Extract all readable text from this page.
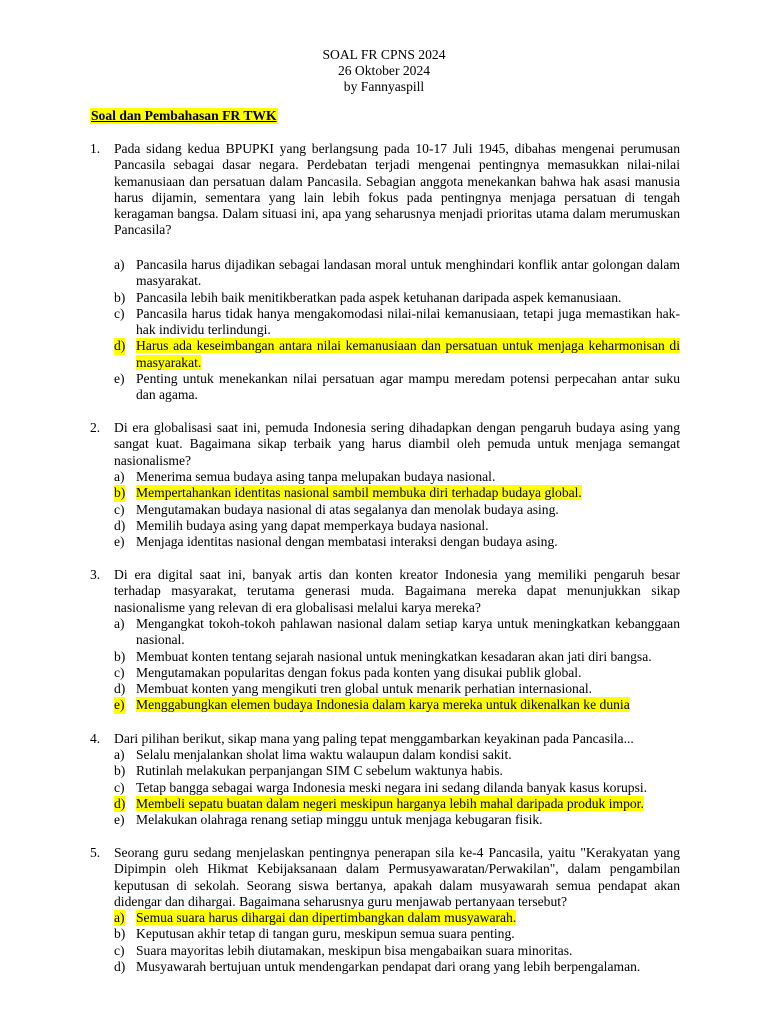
SOAL FR CPNS 2024
26 Oktober 2024
by Fannyaspill
Soal dan Pembahasan FR TWK
1. Pada sidang kedua BPUPKI yang berlangsung pada 10-17 Juli 1945, dibahas mengenai perumusan Pancasila sebagai dasar negara. Perdebatan terjadi mengenai pentingnya memasukkan nilai-nilai kemanusiaan dan persatuan dalam Pancasila. Sebagian anggota menekankan bahwa hak asasi manusia harus dijamin, sementara yang lain lebih fokus pada pentingnya menjaga persatuan di tengah keragaman bangsa. Dalam situasi ini, apa yang seharusnya menjadi prioritas utama dalam merumuskan Pancasila?
a) Pancasila harus dijadikan sebagai landasan moral untuk menghindari konflik antar golongan dalam masyarakat.
b) Pancasila lebih baik menitikberatkan pada aspek ketuhanan daripada aspek kemanusiaan.
c) Pancasila harus tidak hanya mengakomodasi nilai-nilai kemanusiaan, tetapi juga memastikan hak-hak individu terlindungi.
d) Harus ada keseimbangan antara nilai kemanusiaan dan persatuan untuk menjaga keharmonisan di masyarakat.
e) Penting untuk menekankan nilai persatuan agar mampu meredam potensi perpecahan antar suku dan agama.
2. Di era globalisasi saat ini, pemuda Indonesia sering dihadapkan dengan pengaruh budaya asing yang sangat kuat. Bagaimana sikap terbaik yang harus diambil oleh pemuda untuk menjaga semangat nasionalisme?
a) Menerima semua budaya asing tanpa melupakan budaya nasional.
b) Mempertahankan identitas nasional sambil membuka diri terhadap budaya global.
c) Mengutamakan budaya nasional di atas segalanya dan menolak budaya asing.
d) Memilih budaya asing yang dapat memperkaya budaya nasional.
e) Menjaga identitas nasional dengan membatasi interaksi dengan budaya asing.
3. Di era digital saat ini, banyak artis dan konten kreator Indonesia yang memiliki pengaruh besar terhadap masyarakat, terutama generasi muda. Bagaimana mereka dapat menunjukkan sikap nasionalisme yang relevan di era globalisasi melalui karya mereka?
a) Mengangkat tokoh-tokoh pahlawan nasional dalam setiap karya untuk meningkatkan kebanggaan nasional.
b) Membuat konten tentang sejarah nasional untuk meningkatkan kesadaran akan jati diri bangsa.
c) Mengutamakan popularitas dengan fokus pada konten yang disukai publik global.
d) Membuat konten yang mengikuti tren global untuk menarik perhatian internasional.
e) Menggabungkan elemen budaya Indonesia dalam karya mereka untuk dikenalkan ke dunia
4. Dari pilihan berikut, sikap mana yang paling tepat menggambarkan keyakinan pada Pancasila...
a) Selalu menjalankan sholat lima waktu walaupun dalam kondisi sakit.
b) Rutinlah melakukan perpanjangan SIM C sebelum waktunya habis.
c) Tetap bangga sebagai warga Indonesia meski negara ini sedang dilanda banyak kasus korupsi.
d) Membeli sepatu buatan dalam negeri meskipun harganya lebih mahal daripada produk impor.
e) Melakukan olahraga renang setiap minggu untuk menjaga kebugaran fisik.
5. Seorang guru sedang menjelaskan pentingnya penerapan sila ke-4 Pancasila, yaitu "Kerakyatan yang Dipimpin oleh Hikmat Kebijaksanaan dalam Permusyawaratan/Perwakilan", dalam pengambilan keputusan di sekolah. Seorang siswa bertanya, apakah dalam musyawarah semua pendapat akan didengar dan dihargai. Bagaimana seharusnya guru menjawab pertanyaan tersebut?
a) Semua suara harus dihargai dan dipertimbangkan dalam musyawarah.
b) Keputusan akhir tetap di tangan guru, meskipun semua suara penting.
c) Suara mayoritas lebih diutamakan, meskipun bisa mengabaikan suara minoritas.
d) Musyawarah bertujuan untuk mendengarkan pendapat dari orang yang lebih berpengalaman.
